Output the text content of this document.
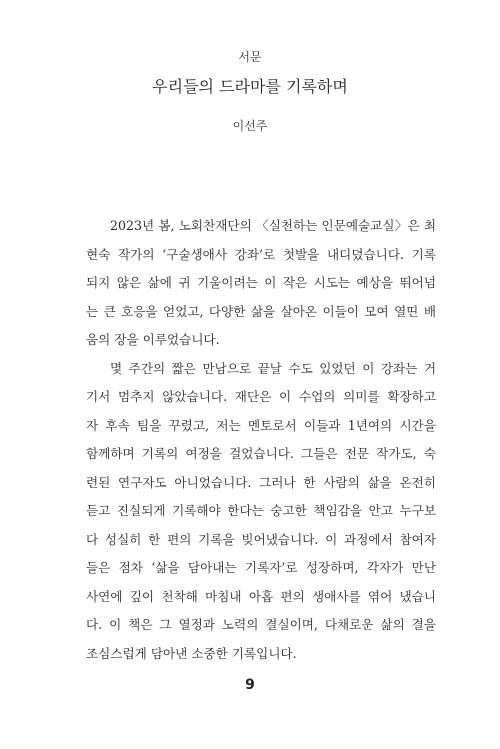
서문
우리들의 드라마를 기록하며
이선주
2023년 봄, 노회찬재단의 〈실천하는 인문예술교실〉은 최
현숙 작가의 ‘구술생애사 강좌’로 첫발을 내디뎠습니다. 기록
되지 않은 삶에 귀 기울이려는 이 작은 시도는 예상을 뛰어넘
는 큰 호응을 얻었고, 다양한 삶을 살아온 이들이 모여 열띤 배
움의 장을 이루었습니다.
몇 주간의 짧은 만남으로 끝날 수도 있었던 이 강좌는 거
기서 멈추지 않았습니다. 재단은 이 수업의 의미를 확장하고
자 후속 팀을 꾸렸고, 저는 멘토로서 이들과 1년여의 시간을
함께하며 기록의 여정을 걸었습니다. 그들은 전문 작가도, 숙
련된 연구자도 아니었습니다. 그러나 한 사람의 삶을 온전히
듣고 진실되게 기록해야 한다는 숭고한 책임감을 안고 누구보
다 성실히 한 편의 기록을 빚어냈습니다. 이 과정에서 참여자
들은 점차 ‘삶을 담아내는 기록자’로 성장하며, 각자가 만난
사연에 깊이 천착해 마침내 아홉 편의 생애사를 엮어 냈습니
다. 이 책은 그 열정과 노력의 결실이며, 다채로운 삶의 결을
조심스럽게 담아낸 소중한 기록입니다.
9
